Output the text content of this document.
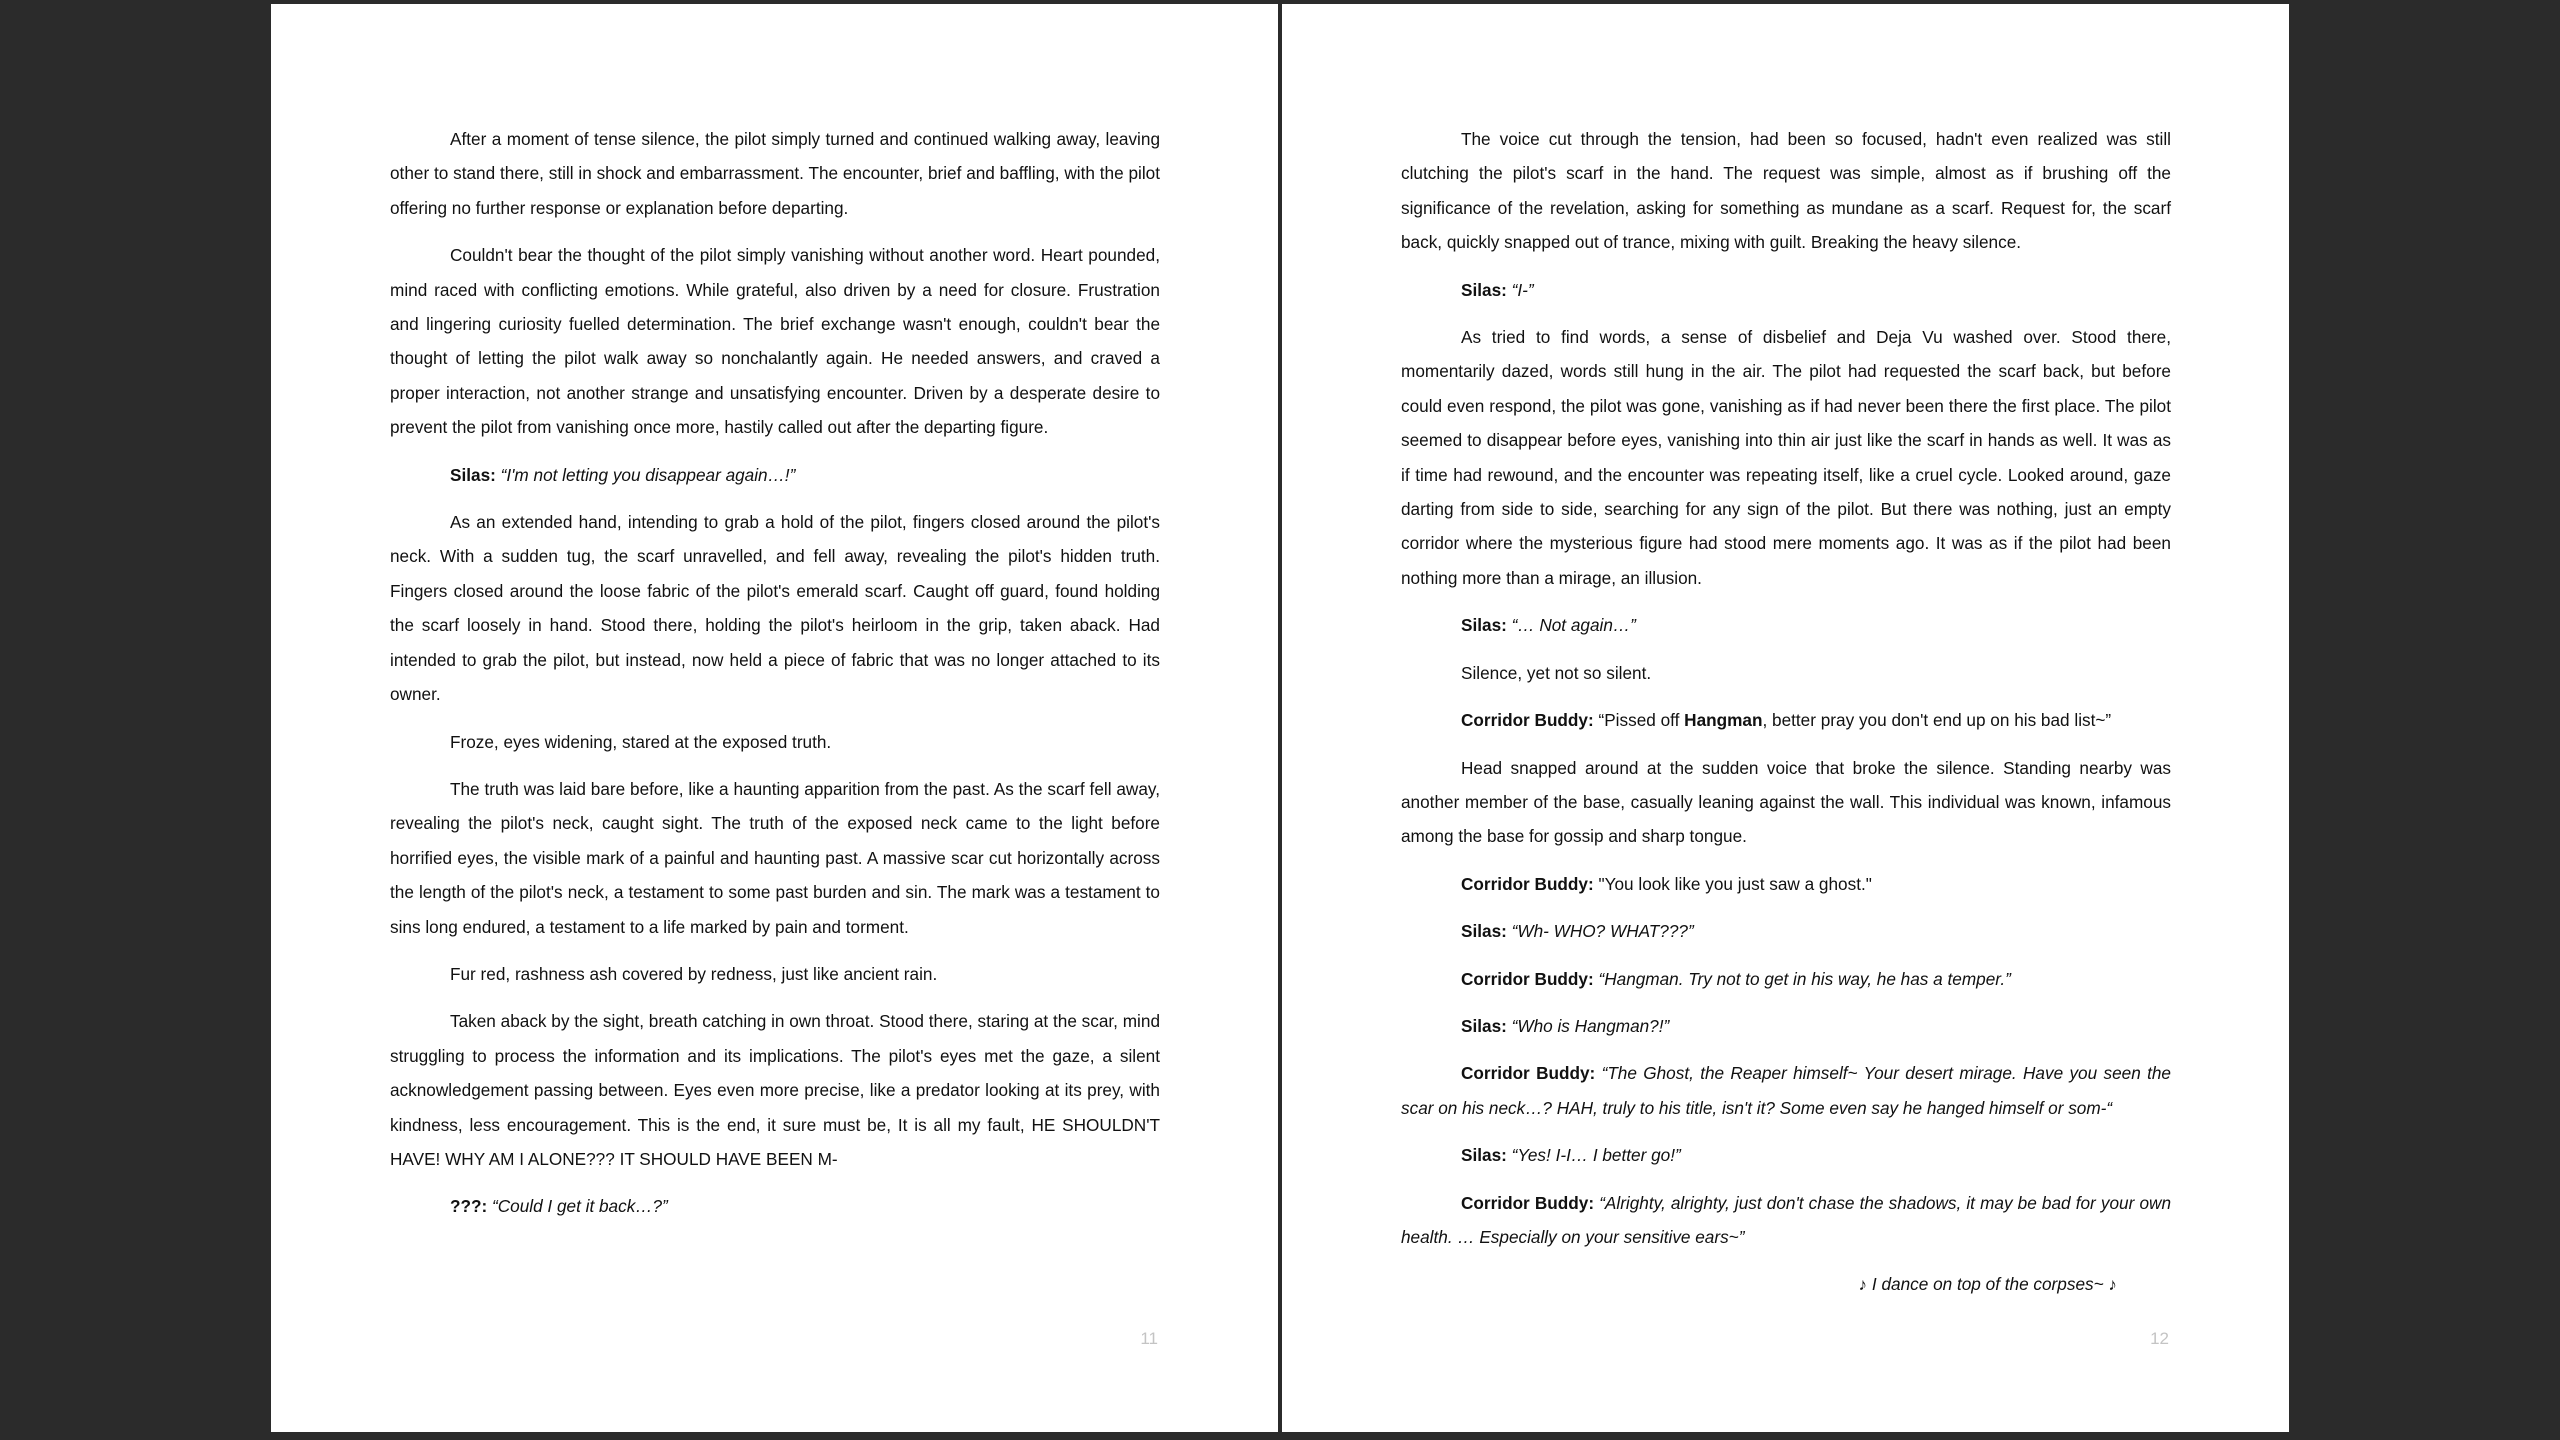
After a moment of tense silence, the pilot simply turned and continued walking away, leaving other to stand there, still in shock and embarrassment. The encounter, brief and baffling, with the pilot offering no further response or explanation before departing.

Couldn't bear the thought of the pilot simply vanishing without another word. Heart pounded, mind raced with conflicting emotions. While grateful, also driven by a need for closure. Frustration and lingering curiosity fuelled determination. The brief exchange wasn't enough, couldn't bear the thought of letting the pilot walk away so nonchalantly again. He needed answers, and craved a proper interaction, not another strange and unsatisfying encounter. Driven by a desperate desire to prevent the pilot from vanishing once more, hastily called out after the departing figure.

Silas: “I'm not letting you disappear again…!”

As an extended hand, intending to grab a hold of the pilot, fingers closed around the pilot's neck. With a sudden tug, the scarf unravelled, and fell away, revealing the pilot's hidden truth. Fingers closed around the loose fabric of the pilot's emerald scarf. Caught off guard, found holding the scarf loosely in hand. Stood there, holding the pilot's heirloom in the grip, taken aback. Had intended to grab the pilot, but instead, now held a piece of fabric that was no longer attached to its owner.

Froze, eyes widening, stared at the exposed truth.

The truth was laid bare before, like a haunting apparition from the past. As the scarf fell away, revealing the pilot's neck, caught sight. The truth of the exposed neck came to the light before horrified eyes, the visible mark of a painful and haunting past. A massive scar cut horizontally across the length of the pilot's neck, a testament to some past burden and sin. The mark was a testament to sins long endured, a testament to a life marked by pain and torment.

Fur red, rashness ash covered by redness, just like ancient rain.

Taken aback by the sight, breath catching in own throat. Stood there, staring at the scar, mind struggling to process the information and its implications. The pilot's eyes met the gaze, a silent acknowledgement passing between. Eyes even more precise, like a predator looking at its prey, with kindness, less encouragement. This is the end, it sure must be, It is all my fault, HE SHOULDN'T HAVE! WHY AM I ALONE??? IT SHOULD HAVE BEEN M-

???: “Could I get it back…?”

11

The voice cut through the tension, had been so focused, hadn't even realized was still clutching the pilot's scarf in the hand. The request was simple, almost as if brushing off the significance of the revelation, asking for something as mundane as a scarf. Request for, the scarf back, quickly snapped out of trance, mixing with guilt. Breaking the heavy silence.

Silas: “I-”

As tried to find words, a sense of disbelief and Deja Vu washed over. Stood there, momentarily dazed, words still hung in the air. The pilot had requested the scarf back, but before could even respond, the pilot was gone, vanishing as if had never been there the first place. The pilot seemed to disappear before eyes, vanishing into thin air just like the scarf in hands as well. It was as if time had rewound, and the encounter was repeating itself, like a cruel cycle. Looked around, gaze darting from side to side, searching for any sign of the pilot. But there was nothing, just an empty corridor where the mysterious figure had stood mere moments ago. It was as if the pilot had been nothing more than a mirage, an illusion.

Silas: “… Not again…”

Silence, yet not so silent.

Corridor Buddy: “Pissed off Hangman, better pray you don't end up on his bad list~”

Head snapped around at the sudden voice that broke the silence. Standing nearby was another member of the base, casually leaning against the wall. This individual was known, infamous among the base for gossip and sharp tongue.

Corridor Buddy: "You look like you just saw a ghost."

Silas: “Wh- WHO? WHAT???”

Corridor Buddy: “Hangman. Try not to get in his way, he has a temper.”

Silas: “Who is Hangman?!”

Corridor Buddy: “The Ghost, the Reaper himself~ Your desert mirage. Have you seen the scar on his neck…? HAH, truly to his title, isn't it? Some even say he hanged himself or som-“

Silas: “Yes! I-I… I better go!”

Corridor Buddy: “Alrighty, alrighty, just don't chase the shadows, it may be bad for your own health. … Especially on your sensitive ears~”

♪ I dance on top of the corpses~ ♪

12
